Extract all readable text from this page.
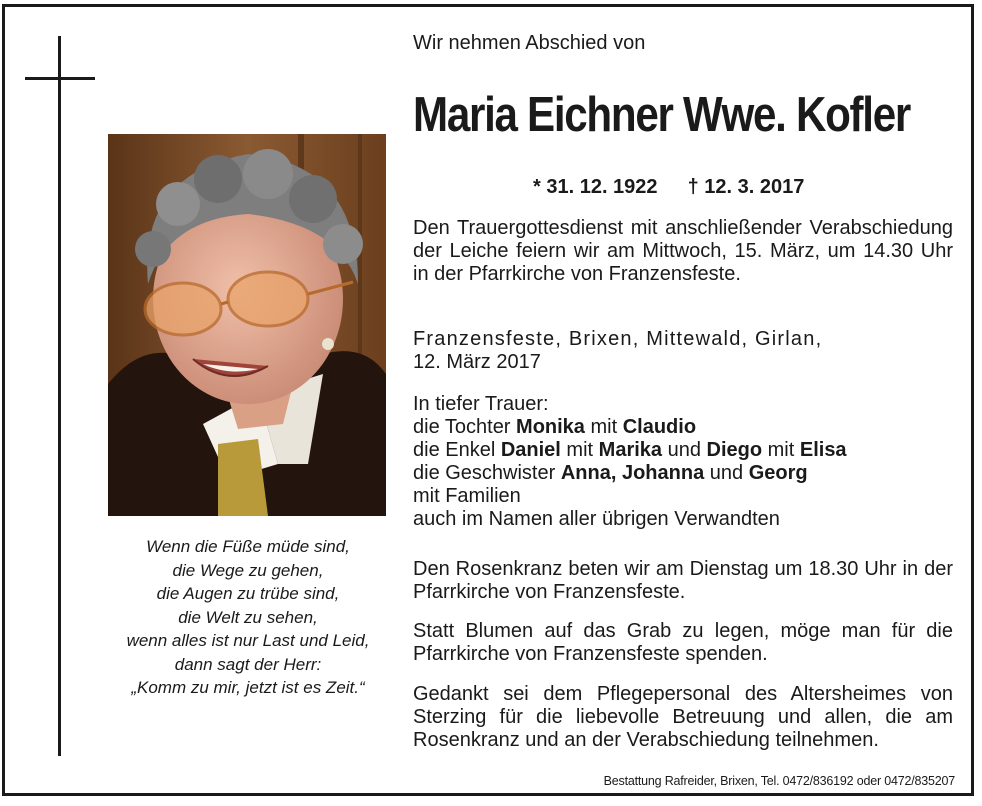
Wenn die Füße müde sind,
die Wege zu gehen,
die Augen zu trübe sind,
die Welt zu sehen,
wenn alles ist nur Last und Leid,
dann sagt der Herr:
„Komm zu mir, jetzt ist es Zeit.“
Wir nehmen Abschied von
Maria Eichner Wwe. Kofler
* 31. 12. 1922 † 12. 3. 2017
Den Trauergottesdienst mit anschließender Verabschiedung der Leiche feiern wir am Mittwoch, 15. März, um 14.30 Uhr in der Pfarrkirche von Franzensfeste.
Franzensfeste, Brixen, Mittewald, Girlan,
12. März 2017
In tiefer Trauer:
die Tochter Monika mit Claudio
die Enkel Daniel mit Marika und Diego mit Elisa
die Geschwister Anna, Johanna und Georg
mit Familien
auch im Namen aller übrigen Verwandten
Den Rosenkranz beten wir am Dienstag um 18.30 Uhr in der Pfarrkirche von Franzensfeste.
Statt Blumen auf das Grab zu legen, möge man für die Pfarrkirche von Franzensfeste spenden.
Gedankt sei dem Pflegepersonal des Altersheimes von Sterzing für die liebevolle Betreuung und allen, die am Rosenkranz und an der Verabschiedung teilnehmen.
Bestattung Rafreider, Brixen, Tel. 0472/836192 oder 0472/835207
